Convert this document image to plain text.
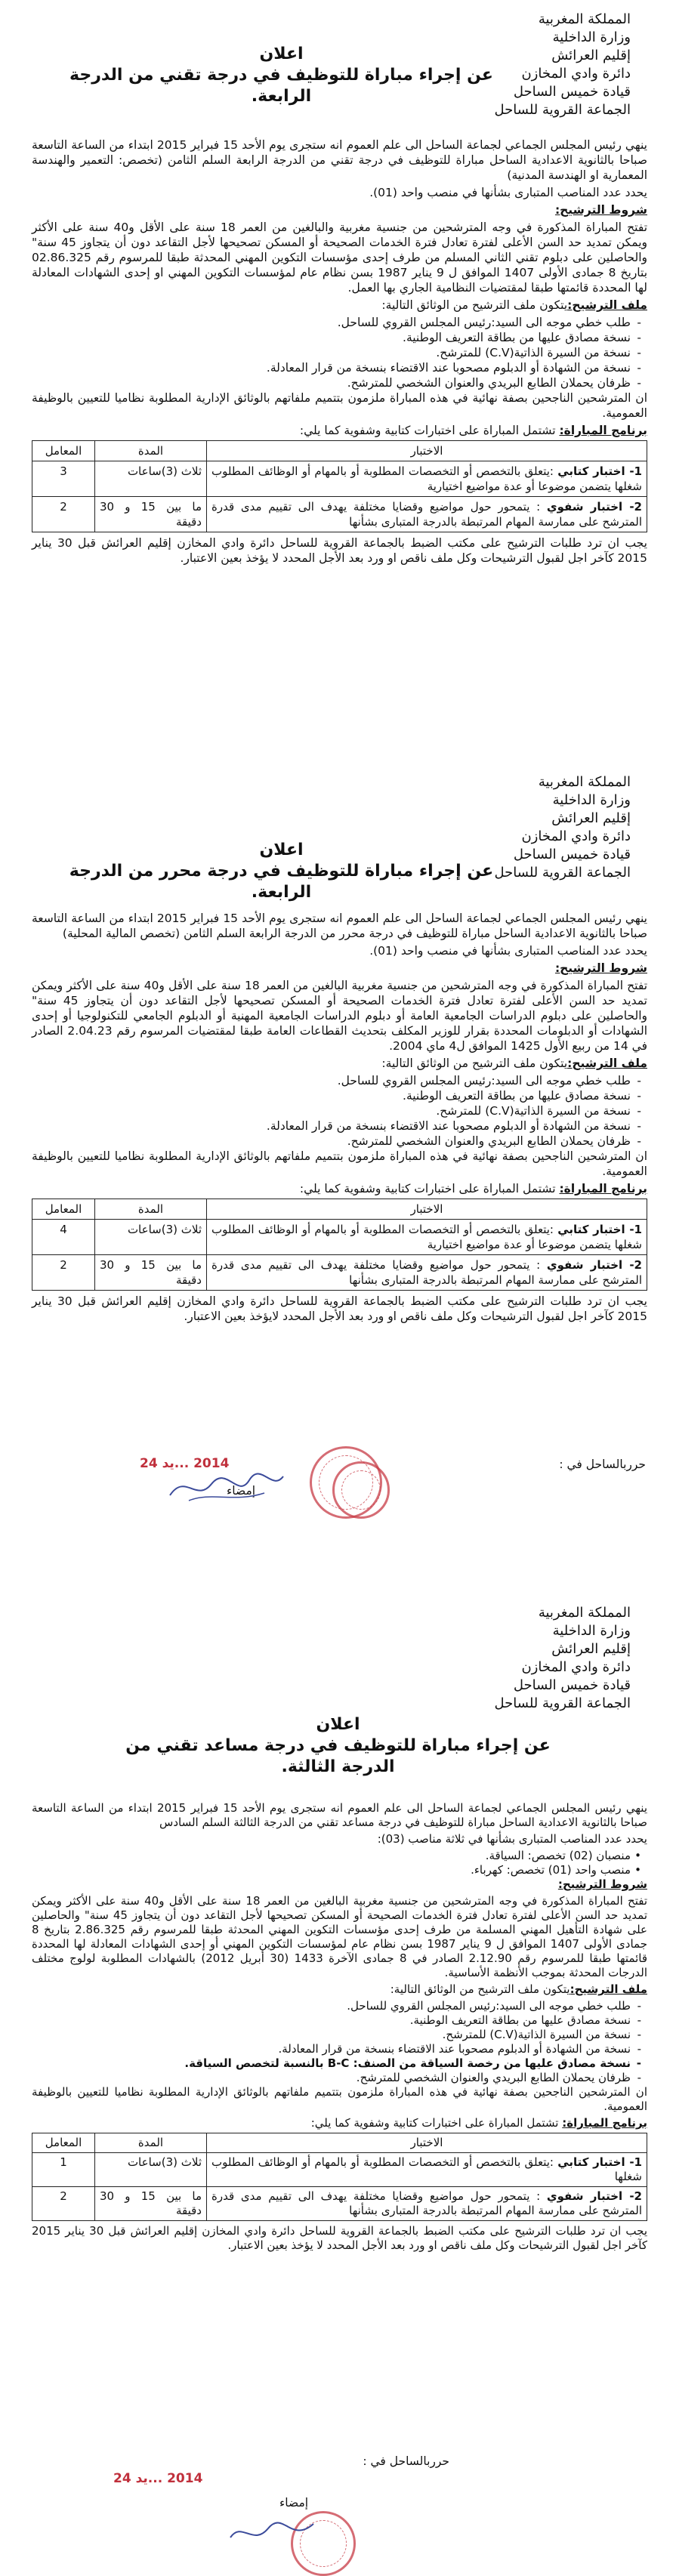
المملكة المغربية
وزارة الداخلية
إقليم العرائش
دائرة وادي المخازن
قيادة خميس الساحل
الجماعة القروية للساحل
اعلان
عن إجراء مباراة للتوظيف في درجة تقني من الدرجة الرابعة.

ينهي رئيس المجلس الجماعي لجماعة الساحل الى علم العموم انه ستجرى يوم الأحد 15 فبراير 2015 ابتداء من الساعة التاسعة صباحا بالثانوية الاعدادية الساحل مباراة للتوظيف في درجة تقني من الدرجة الرابعة السلم الثامن (تخصص: التعمير والهندسة المعمارية او الهندسة المدنية)

يحدد عدد المناصب المتبارى بشأنها في منصب واحد (01).

شروط الترشيح:

تفتح المباراة المذكورة في وجه المترشحين من جنسية مغربية والبالغين من العمر 18 سنة على الأقل و40 سنة على الأكثر ويمكن تمديد حد السن الأعلى لفترة تعادل فترة الخدمات الصحيحة أو المسكن تصحيحها لأجل التقاعد دون أن يتجاوز 45 سنة" والحاصلين على دبلوم تقني الثاني المسلم من طرف إحدى مؤسسات التكوين المهني المحدثة طبقا للمرسوم رقم 02.86.325 بتاريخ 8 جمادى الأولى 1407 الموافق ل 9 يناير 1987 بسن نظام عام لمؤسسات التكوين المهني او إحدى الشهادات المعادلة لها المحددة قائمتها طبقا لمقتضيات النظامية الجاري بها العمل.

ملف الترشيح:يتكون ملف الترشيح من الوثائق التالية:

- طلب خطي موجه الى السيد:رئيس المجلس القروي للساحل.
- نسخة مصادق عليها من بطاقة التعريف الوطنية.
- نسخة من السيرة الذاتية(C.V) للمترشح.
- نسخة من الشهادة أو الدبلوم مصحوبا عند الاقتضاء بنسخة من قرار المعادلة.
- ظرفان يحملان الطابع البريدي والعنوان الشخصي للمترشح.

ان المترشحين الناجحين بصفة نهائية في هذه المباراة ملزمون بتتميم ملفاتهم بالوثائق الإدارية المطلوبة نظاميا للتعيين بالوظيفة العمومية.

برنامج المباراة: تشتمل المباراة على اختبارات كتابية وشفوية كما يلي:

الاختبار	المدة	المعامل
1- اختبار كتابي :يتعلق بالتخصص أو التخصصات المطلوبة أو بالمهام أو الوظائف المطلوب شغلها يتضمن موضوعا أو عدة مواضيع اختيارية	ثلاث (3)ساعات	3
2- اختبار شفوي : يتمحور حول مواضيع وقضايا مختلفة يهدف الى تقييم مدى قدرة المترشح على ممارسة المهام المرتبطة بالدرجة المتبارى بشأنها	ما بين 15 و 30 دقيقة	2

يجب ان ترد طلبات الترشيح على مكتب الضبط بالجماعة القروية للساحل دائرة وادي المخازن إقليم العرائش قبل 30 يناير 2015 كآخر اجل لقبول الترشيحات وكل ملف ناقص او ورد بعد الأجل المحدد لا يؤخذ بعين الاعتبار.

المملكة المغربية
وزارة الداخلية
إقليم العرائش
دائرة وادي المخازن
قيادة خميس الساحل
الجماعة القروية للساحل
اعلان
عن إجراء مباراة للتوظيف في درجة محرر من الدرجة الرابعة.

ينهي رئيس المجلس الجماعي لجماعة الساحل الى علم العموم انه ستجرى يوم الأحد 15 فبراير 2015 ابتداء من الساعة التاسعة صباحا بالثانوية الاعدادية الساحل مباراة للتوظيف في درجة محرر من الدرجة الرابعة السلم الثامن (تخصص المالية المحلية)

يحدد عدد المناصب المتبارى بشأنها في منصب واحد (01).

شروط الترشيح:

تفتح المباراة المذكورة في وجه المترشحين من جنسية مغربية البالغين من العمر 18 سنة على الأقل و40 سنة على الأكثر ويمكن تمديد حد السن الأعلى لفترة تعادل فترة الخدمات الصحيحة أو المسكن تصحيحها لأجل التقاعد دون أن يتجاوز 45 سنة" والحاصلين على دبلوم الدراسات الجامعية العامة أو دبلوم الدراسات الجامعية المهنية أو الدبلوم الجامعي للتكنولوجيا أو إحدى الشهادات أو الدبلومات المحددة بقرار للوزير المكلف بتحديث القطاعات العامة طبقا لمقتضيات المرسوم رقم 2.04.23 الصادر في 14 من ربيع الأول 1425 الموافق ل4 ماي 2004.

ملف الترشيح:يتكون ملف الترشيح من الوثائق التالية:

- طلب خطي موجه الى السيد:رئيس المجلس القروي للساحل.
- نسخة مصادق عليها من بطاقة التعريف الوطنية.
- نسخة من السيرة الذاتية(C.V) للمترشح.
- نسخة من الشهادة أو الدبلوم مصحوبا عند الاقتضاء بنسخة من قرار المعادلة.
- ظرفان يحملان الطابع البريدي والعنوان الشخصي للمترشح.

ان المترشحين الناجحين بصفة نهائية في هذه المباراة ملزمون بتتميم ملفاتهم بالوثائق الإدارية المطلوبة نظاميا للتعيين بالوظيفة العمومية.

برنامج المباراة: تشتمل المباراة على اختبارات كتابية وشفوية كما يلي:

الاختبار	المدة	المعامل
1- اختبار كتابي :يتعلق بالتخصص أو التخصصات المطلوبة أو بالمهام أو الوظائف المطلوب شغلها يتضمن موضوعا أو عدة مواضيع اختيارية	ثلاث (3)ساعات	4
2- اختبار شفوي : يتمحور حول مواضيع وقضايا مختلفة يهدف الى تقييم مدى قدرة المترشح على ممارسة المهام المرتبطة بالدرجة المتبارى بشأنها	ما بين 15 و 30 دقيقة	2

يجب ان ترد طلبات الترشيح على مكتب الضبط بالجماعة القروية للساحل دائرة وادي المخازن إقليم العرائش قبل 30 يناير 2015 كآخر اجل لقبول الترشيحات وكل ملف ناقص او ورد بعد الأجل المحدد لايؤخذ بعين الاعتبار.

حرربالساحل في :
2014 ...يد 24
إمضاء
المملكة المغربية
وزارة الداخلية
إقليم العرائش
دائرة وادي المخازن
قيادة خميس الساحل
الجماعة القروية للساحل
اعلان
عن إجراء مباراة للتوظيف في درجة مساعد تقني من الدرجة الثالثة.

ينهي رئيس المجلس الجماعي لجماعة الساحل الى علم العموم انه ستجرى يوم الأحد 15 فبراير 2015 ابتداء من الساعة التاسعة صباحا بالثانوية الاعدادية الساحل مباراة للتوظيف في درجة مساعد تقني من الدرجة الثالثة السلم السادس

يحدد عدد المناصب المتبارى بشأنها في ثلاثة مناصب (03):

• منصبان (02) تخصص: السياقة.
• منصب واحد (01) تخصص: كهرباء.

شروط الترشيح:

تفتح المباراة المذكورة في وجه المترشحين من جنسية مغربية البالغين من العمر 18 سنة على الأقل و40 سنة على الأكثر ويمكن تمديد حد السن الأعلى لفترة تعادل فترة الخدمات الصحيحة أو المسكن تصحيحها لأجل التقاعد دون أن يتجاوز 45 سنة" والحاصلين على شهادة التأهيل المهني المسلمة من طرف إحدى مؤسسات التكوين المهني المحدثة طبقا للمرسوم رقم 2.86.325 بتاريخ 8 جمادى الأولى 1407 الموافق ل 9 يناير 1987 بسن نظام عام لمؤسسات التكوين المهني أو إحدى الشهادات المعادلة لها المحددة قائمتها طبقا للمرسوم رقم 2.12.90 الصادر في 8 جمادى الآخرة 1433 (30 أبريل 2012) بالشهادات المطلوبة لولوج مختلف الدرجات المحدثة بموجب الأنظمة الأساسية.

ملف الترشيح:يتكون ملف الترشيح من الوثائق التالية:

- طلب خطي موجه الى السيد:رئيس المجلس القروي للساحل.
- نسخة مصادق عليها من بطاقة التعريف الوطنية.
- نسخة من السيرة الذاتية(C.V) للمترشح.
- نسخة من الشهادة أو الدبلوم مصحوبا عند الاقتضاء بنسخة من قرار المعادلة.
- نسخة مصادق عليها من رخصة السياقة من الصنف: B-C بالنسبة لتخصص السياقة.
- ظرفان يحملان الطابع البريدي والعنوان الشخصي للمترشح.

ان المترشحين الناجحين بصفة نهائية في هذه المباراة ملزمون بتتميم ملفاتهم بالوثائق الإدارية المطلوبة نظاميا للتعيين بالوظيفة العمومية.

برنامج المباراة: تشتمل المباراة على اختبارات كتابية وشفوية كما يلي:

الاختبار	المدة	المعامل
1- اختبار كتابي :يتعلق بالتخصص أو التخصصات المطلوبة أو بالمهام أو الوظائف المطلوب شغلها	ثلاث (3)ساعات	1
2- اختبار شفوي : يتمحور حول مواضيع وقضايا مختلفة يهدف الى تقييم مدى قدرة المترشح على ممارسة المهام المرتبطة بالدرجة المتبارى بشأنها	ما بين 15 و 30 دقيقة	2

يجب ان ترد طلبات الترشيح على مكتب الضبط بالجماعة القروية للساحل دائرة وادي المخازن إقليم العرائش قبل 30 يناير 2015 كآخر اجل لقبول الترشيحات وكل ملف ناقص او ورد بعد الأجل المحدد لا يؤخذ بعين الاعتبار.

حرربالساحل في :
2014 ...يد 24
إمضاء
